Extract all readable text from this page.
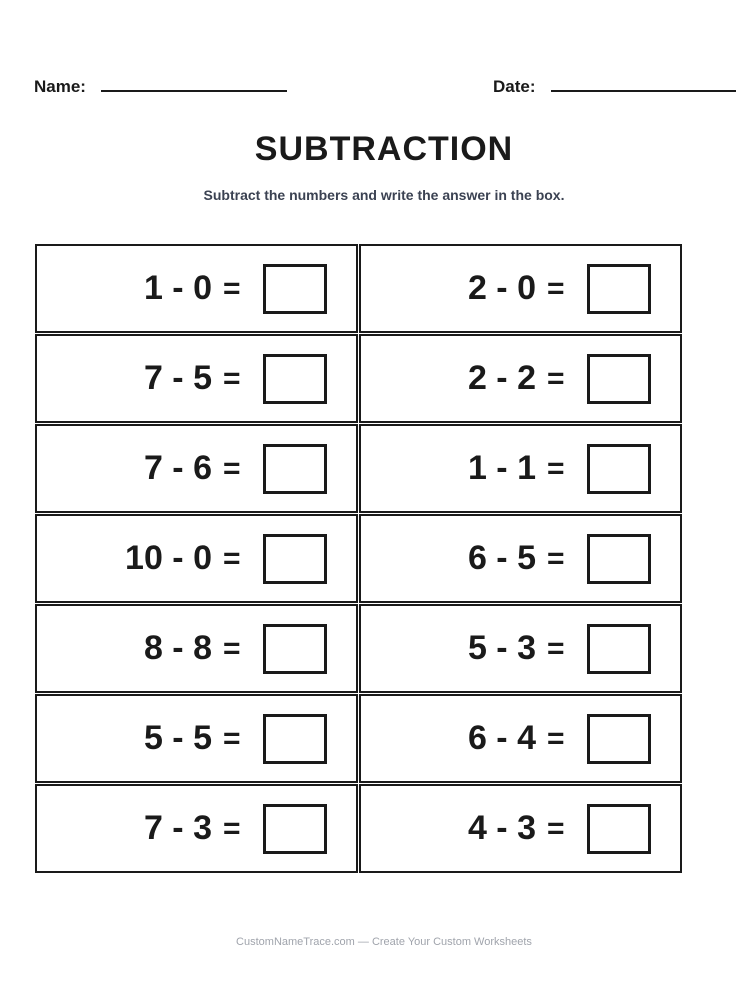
Name:	Date:
SUBTRACTION
Subtract the numbers and write the answer in the box.
1 - 0 =	2 - 0 =
7 - 5 =	2 - 2 =
7 - 6 =	1 - 1 =
10 - 0 =	6 - 5 =
8 - 8 =	5 - 3 =
5 - 5 =	6 - 4 =
7 - 3 =	4 - 3 =
CustomNameTrace.com — Create Your Custom Worksheets
